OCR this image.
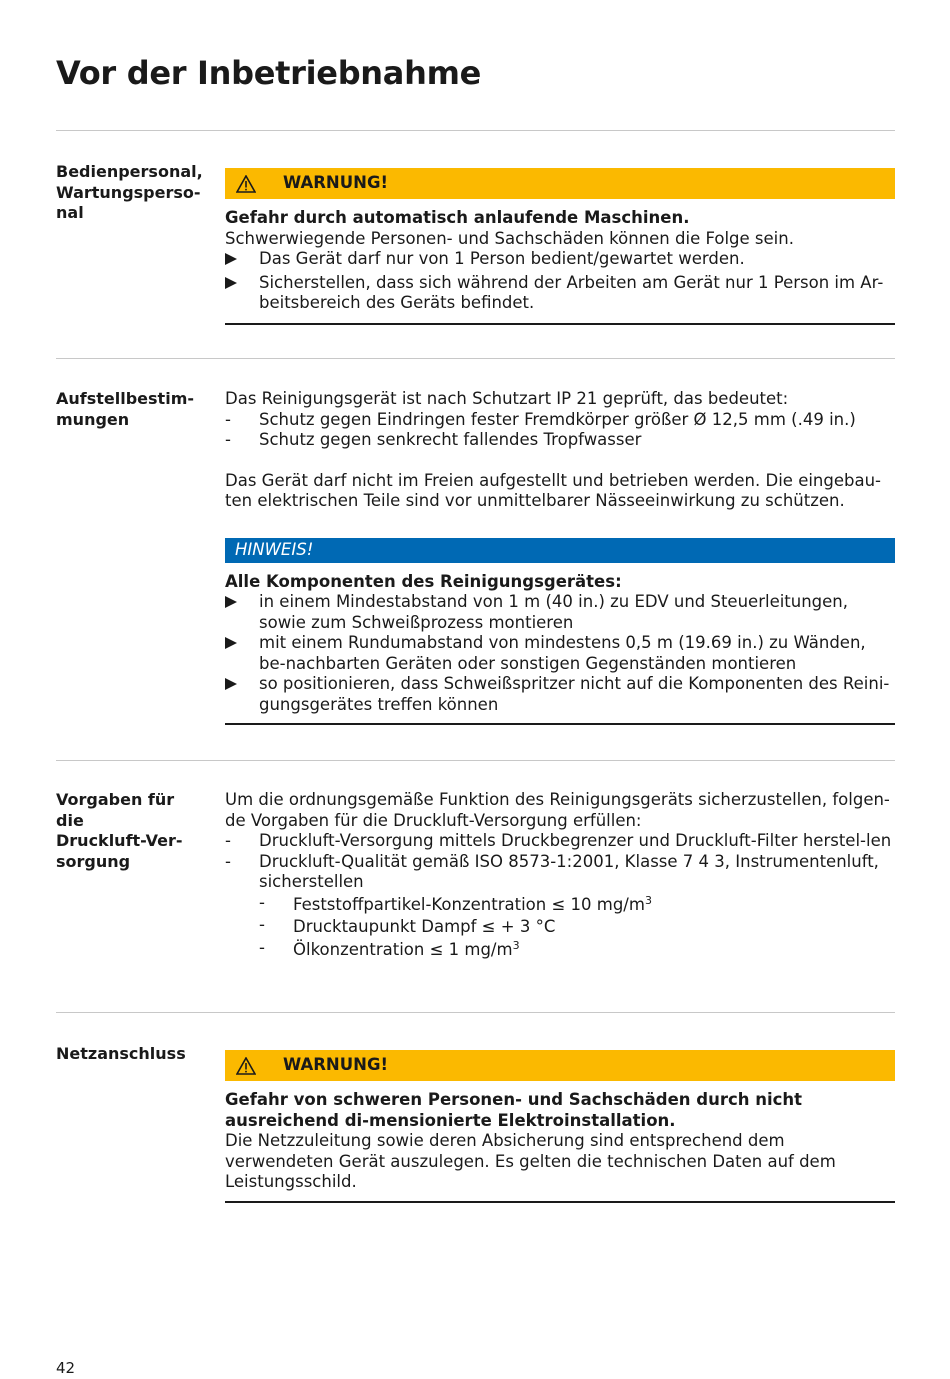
Vor der Inbetriebnahme
Bedienpersonal,
Wartungsperso-
nal
WARNUNG!

Gefahr durch automatisch anlaufende Maschinen.

Schwerwiegende Personen- und Sachschäden können die Folge sein.

Das Gerät darf nur von 1 Person bedient/gewartet werden.
Sicherstellen, dass sich während der Arbeiten am Gerät nur 1 Person im Ar-beitsbereich des Geräts befindet.
Aufstellbestim-
mungen

Das Reinigungsgerät ist nach Schutzart IP 21 geprüft, das bedeutet:

- Schutz gegen Eindringen fester Fremdkörper größer Ø 12,5 mm (.49 in.)
- Schutz gegen senkrecht fallendes Tropfwasser

Das Gerät darf nicht im Freien aufgestellt und betrieben werden. Die eingebau-ten elektrischen Teile sind vor unmittelbarer Nässeeinwirkung zu schützen.

HINWEIS!

Alle Komponenten des Reinigungsgerätes:

in einem Mindestabstand von 1 m (40 in.) zu EDV und Steuerleitungen, sowie zum Schweißprozess montieren
mit einem Rundumabstand von mindestens 0,5 m (19.69 in.) zu Wänden, be-nachbarten Geräten oder sonstigen Gegenständen montieren
so positionieren, dass Schweißspritzer nicht auf die Komponenten des Reini-gungsgerätes treffen können
Vorgaben für die
Druckluft-Ver-
sorgung

Um die ordnungsgemäße Funktion des Reinigungsgeräts sicherzustellen, folgen-de Vorgaben für die Druckluft-Versorgung erfüllen:

- Druckluft-Versorgung mittels Druckbegrenzer und Druckluft-Filter herstel-len
- Druckluft-Qualität gemäß ISO 8573-1:2001, Klasse 7 4 3, Instrumentenluft, sicherstellen
- Feststoffpartikel-Konzentration ≤ 10 $mg/m^3$
- Drucktaupunkt Dampf ≤ + 3 °C
- Ölkonzentration ≤ 1 $mg/m^3$
Netzanschluss
WARNUNG!

Gefahr von schweren Personen- und Sachschäden durch nicht ausreichend di-mensionierte Elektroinstallation.

Die Netzzuleitung sowie deren Absicherung sind entsprechend dem verwendeten Gerät auszulegen. Es gelten die technischen Daten auf dem Leistungsschild.

42
